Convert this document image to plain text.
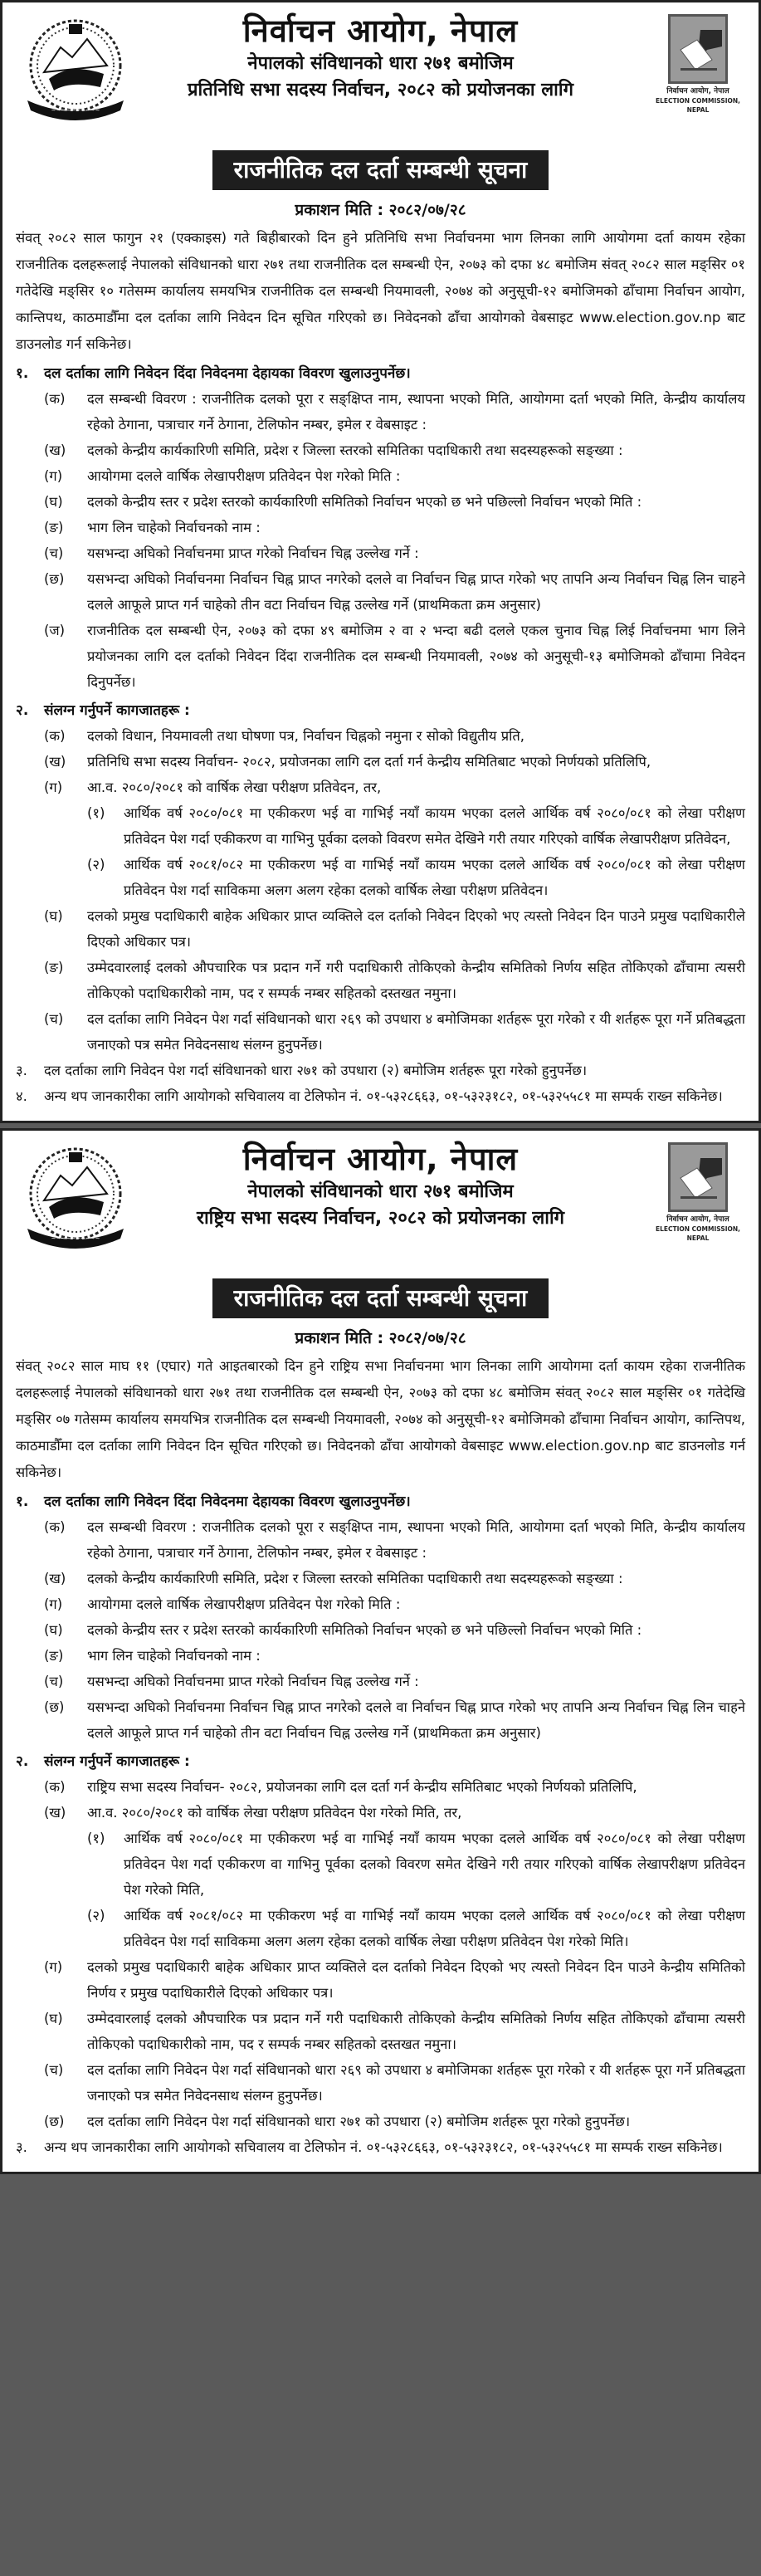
~~~~~~~~~~
निर्वाचन आयोग, नेपाल
ELECTION COMMISSION, NEPAL
निर्वाचन आयोग, नेपाल
नेपालको संविधानको धारा २७१ बमोजिम
प्रतिनिधि सभा सदस्य निर्वाचन, २०८२ को प्रयोजनका लागि
राजनीतिक दल दर्ता सम्बन्धी सूचना
प्रकाशन मिति : २०८२/०७/२८

संवत् २०८२ साल फागुन २१ (एक्काइस) गते बिहीबारको दिन हुने प्रतिनिधि सभा निर्वाचनमा भाग लिनका लागि आयोगमा दर्ता कायम रहेका राजनीतिक दलहरूलाई नेपालको संविधानको धारा २७१ तथा राजनीतिक दल सम्बन्धी ऐन, २०७३ को दफा ४८ बमोजिम संवत् २०८२ साल मङ्सिर ०१ गतेदेखि मङ्सिर १० गतेसम्म कार्यालय समयभित्र राजनीतिक दल सम्बन्धी नियमावली, २०७४ को अनुसूची-१२ बमोजिमको ढाँचामा निर्वाचन आयोग, कान्तिपथ, काठमाडौँमा दल दर्ताका लागि निवेदन दिन सूचित गरिएको छ। निवेदनको ढाँचा आयोगको वेबसाइट www.election.gov.np बाट डाउनलोड गर्न सकिनेछ।

१.	दल दर्ताका लागि निवेदन दिंदा निवेदनमा देहायका विवरण खुलाउनुपर्नेछ।
(क)	दल सम्बन्धी विवरण : राजनीतिक दलको पूरा र सङ्क्षिप्त नाम, स्थापना भएको मिति, आयोगमा दर्ता भएको मिति, केन्द्रीय कार्यालय रहेको ठेगाना, पत्राचार गर्ने ठेगाना, टेलिफोन नम्बर, इमेल र वेबसाइट :
(ख)	दलको केन्द्रीय कार्यकारिणी समिति, प्रदेश र जिल्ला स्तरको समितिका पदाधिकारी तथा सदस्यहरूको सङ्ख्या :
(ग)	आयोगमा दलले वार्षिक लेखापरीक्षण प्रतिवेदन पेश गरेको मिति :
(घ)	दलको केन्द्रीय स्तर र प्रदेश स्तरको कार्यकारिणी समितिको निर्वाचन भएको छ भने पछिल्लो निर्वाचन भएको मिति :
(ङ)	भाग लिन चाहेको निर्वाचनको नाम :
(च)	यसभन्दा अघिको निर्वाचनमा प्राप्त गरेको निर्वाचन चिह्न उल्लेख गर्ने :
(छ)	यसभन्दा अघिको निर्वाचनमा निर्वाचन चिह्न प्राप्त नगरेको दलले वा निर्वाचन चिह्न प्राप्त गरेको भए तापनि अन्य निर्वाचन चिह्न लिन चाहने दलले आफूले प्राप्त गर्न चाहेको तीन वटा निर्वाचन चिह्न उल्लेख गर्ने (प्राथमिकता क्रम अनुसार)
(ज)	राजनीतिक दल सम्बन्धी ऐन, २०७३ को दफा ४९ बमोजिम २ वा २ भन्दा बढी दलले एकल चुनाव चिह्न लिई निर्वाचनमा भाग लिने प्रयोजनका लागि दल दर्ताको निवेदन दिंदा राजनीतिक दल सम्बन्धी नियमावली, २०७४ को अनुसूची-१३ बमोजिमको ढाँचामा निवेदन दिनुपर्नेछ।
२.	संलग्न गर्नुपर्ने कागजातहरू :
(क)	दलको विधान, नियमावली तथा घोषणा पत्र, निर्वाचन चिह्नको नमुना र सोको विद्युतीय प्रति,
(ख)	प्रतिनिधि सभा सदस्य निर्वाचन- २०८२, प्रयोजनका लागि दल दर्ता गर्न केन्द्रीय समितिबाट भएको निर्णयको प्रतिलिपि,
(ग)	आ.व. २०८०/२०८१ को वार्षिक लेखा परीक्षण प्रतिवेदन, तर,
(१)	आर्थिक वर्ष २०८०/०८१ मा एकीकरण भई वा गाभिई नयाँ कायम भएका दलले आर्थिक वर्ष २०८०/०८१ को लेखा परीक्षण प्रतिवेदन पेश गर्दा एकीकरण वा गाभिनु पूर्वका दलको विवरण समेत देखिने गरी तयार गरिएको वार्षिक लेखापरीक्षण प्रतिवेदन,
(२)	आर्थिक वर्ष २०८१/०८२ मा एकीकरण भई वा गाभिई नयाँ कायम भएका दलले आर्थिक वर्ष २०८०/०८१ को लेखा परीक्षण प्रतिवेदन पेश गर्दा साविकमा अलग अलग रहेका दलको वार्षिक लेखा परीक्षण प्रतिवेदन।
(घ)	दलको प्रमुख पदाधिकारी बाहेक अधिकार प्राप्त व्यक्तिले दल दर्ताको निवेदन दिएको भए त्यस्तो निवेदन दिन पाउने प्रमुख पदाधिकारीले दिएको अधिकार पत्र।
(ङ)	उम्मेदवारलाई दलको औपचारिक पत्र प्रदान गर्ने गरी पदाधिकारी तोकिएको केन्द्रीय समितिको निर्णय सहित तोकिएको ढाँचामा त्यसरी तोकिएको पदाधिकारीको नाम, पद र सम्पर्क नम्बर सहितको दस्तखत नमुना।
(च)	दल दर्ताका लागि निवेदन पेश गर्दा संविधानको धारा २६९ को उपधारा ४ बमोजिमका शर्तहरू पूरा गरेको र यी शर्तहरू पूरा गर्ने प्रतिबद्धता जनाएको पत्र समेत निवेदनसाथ संलग्न हुनुपर्नेछ।
३.	दल दर्ताका लागि निवेदन पेश गर्दा संविधानको धारा २७१ को उपधारा (२) बमोजिम शर्तहरू पूरा गरेको हुनुपर्नेछ।
४.	अन्य थप जानकारीका लागि आयोगको सचिवालय वा टेलिफोन नं. ०१-५३२८६६३, ०१-५३२३१८२, ०१-५३२५५८१ मा सम्पर्क राख्न सकिनेछ।
~~~~~~~~~~
निर्वाचन आयोग, नेपाल
ELECTION COMMISSION, NEPAL
निर्वाचन आयोग, नेपाल
नेपालको संविधानको धारा २७१ बमोजिम
राष्ट्रिय सभा सदस्य निर्वाचन, २०८२ को प्रयोजनका लागि
राजनीतिक दल दर्ता सम्बन्धी सूचना
प्रकाशन मिति : २०८२/०७/२८

संवत् २०८२ साल माघ ११ (एघार) गते आइतबारको दिन हुने राष्ट्रिय सभा निर्वाचनमा भाग लिनका लागि आयोगमा दर्ता कायम रहेका राजनीतिक दलहरूलाई नेपालको संविधानको धारा २७१ तथा राजनीतिक दल सम्बन्धी ऐन, २०७३ को दफा ४८ बमोजिम संवत् २०८२ साल मङ्सिर ०१ गतेदेखि मङ्सिर ०७ गतेसम्म कार्यालय समयभित्र राजनीतिक दल सम्बन्धी नियमावली, २०७४ को अनुसूची-१२ बमोजिमको ढाँचामा निर्वाचन आयोग, कान्तिपथ, काठमाडौँमा दल दर्ताका लागि निवेदन दिन सूचित गरिएको छ। निवेदनको ढाँचा आयोगको वेबसाइट www.election.gov.np बाट डाउनलोड गर्न सकिनेछ।

१.	दल दर्ताका लागि निवेदन दिंदा निवेदनमा देहायका विवरण खुलाउनुपर्नेछ।
(क)	दल सम्बन्धी विवरण : राजनीतिक दलको पूरा र सङ्क्षिप्त नाम, स्थापना भएको मिति, आयोगमा दर्ता भएको मिति, केन्द्रीय कार्यालय रहेको ठेगाना, पत्राचार गर्ने ठेगाना, टेलिफोन नम्बर, इमेल र वेबसाइट :
(ख)	दलको केन्द्रीय कार्यकारिणी समिति, प्रदेश र जिल्ला स्तरको समितिका पदाधिकारी तथा सदस्यहरूको सङ्ख्या :
(ग)	आयोगमा दलले वार्षिक लेखापरीक्षण प्रतिवेदन पेश गरेको मिति :
(घ)	दलको केन्द्रीय स्तर र प्रदेश स्तरको कार्यकारिणी समितिको निर्वाचन भएको छ भने पछिल्लो निर्वाचन भएको मिति :
(ङ)	भाग लिन चाहेको निर्वाचनको नाम :
(च)	यसभन्दा अघिको निर्वाचनमा प्राप्त गरेको निर्वाचन चिह्न उल्लेख गर्ने :
(छ)	यसभन्दा अघिको निर्वाचनमा निर्वाचन चिह्न प्राप्त नगरेको दलले वा निर्वाचन चिह्न प्राप्त गरेको भए तापनि अन्य निर्वाचन चिह्न लिन चाहने दलले आफूले प्राप्त गर्न चाहेको तीन वटा निर्वाचन चिह्न उल्लेख गर्ने (प्राथमिकता क्रम अनुसार)
२.	संलग्न गर्नुपर्ने कागजातहरू :
(क)	राष्ट्रिय सभा सदस्य निर्वाचन- २०८२, प्रयोजनका लागि दल दर्ता गर्न केन्द्रीय समितिबाट भएको निर्णयको प्रतिलिपि,
(ख)	आ.व. २०८०/२०८१ को वार्षिक लेखा परीक्षण प्रतिवेदन पेश गरेको मिति, तर,
(१)	आर्थिक वर्ष २०८०/०८१ मा एकीकरण भई वा गाभिई नयाँ कायम भएका दलले आर्थिक वर्ष २०८०/०८१ को लेखा परीक्षण प्रतिवेदन पेश गर्दा एकीकरण वा गाभिनु पूर्वका दलको विवरण समेत देखिने गरी तयार गरिएको वार्षिक लेखापरीक्षण प्रतिवेदन पेश गरेको मिति,
(२)	आर्थिक वर्ष २०८१/०८२ मा एकीकरण भई वा गाभिई नयाँ कायम भएका दलले आर्थिक वर्ष २०८०/०८१ को लेखा परीक्षण प्रतिवेदन पेश गर्दा साविकमा अलग अलग रहेका दलको वार्षिक लेखा परीक्षण प्रतिवेदन पेश गरेको मिति।
(ग)	दलको प्रमुख पदाधिकारी बाहेक अधिकार प्राप्त व्यक्तिले दल दर्ताको निवेदन दिएको भए त्यस्तो निवेदन दिन पाउने केन्द्रीय समितिको निर्णय र प्रमुख पदाधिकारीले दिएको अधिकार पत्र।
(घ)	उम्मेदवारलाई दलको औपचारिक पत्र प्रदान गर्ने गरी पदाधिकारी तोकिएको केन्द्रीय समितिको निर्णय सहित तोकिएको ढाँचामा त्यसरी तोकिएको पदाधिकारीको नाम, पद र सम्पर्क नम्बर सहितको दस्तखत नमुना।
(च)	दल दर्ताका लागि निवेदन पेश गर्दा संविधानको धारा २६९ को उपधारा ४ बमोजिमका शर्तहरू पूरा गरेको र यी शर्तहरू पूरा गर्ने प्रतिबद्धता जनाएको पत्र समेत निवेदनसाथ संलग्न हुनुपर्नेछ।
(छ)	दल दर्ताका लागि निवेदन पेश गर्दा संविधानको धारा २७१ को उपधारा (२) बमोजिम शर्तहरू पूरा गरेको हुनुपर्नेछ।
३.	अन्य थप जानकारीका लागि आयोगको सचिवालय वा टेलिफोन नं. ०१-५३२८६६३, ०१-५३२३१८२, ०१-५३२५५८१ मा सम्पर्क राख्न सकिनेछ।
